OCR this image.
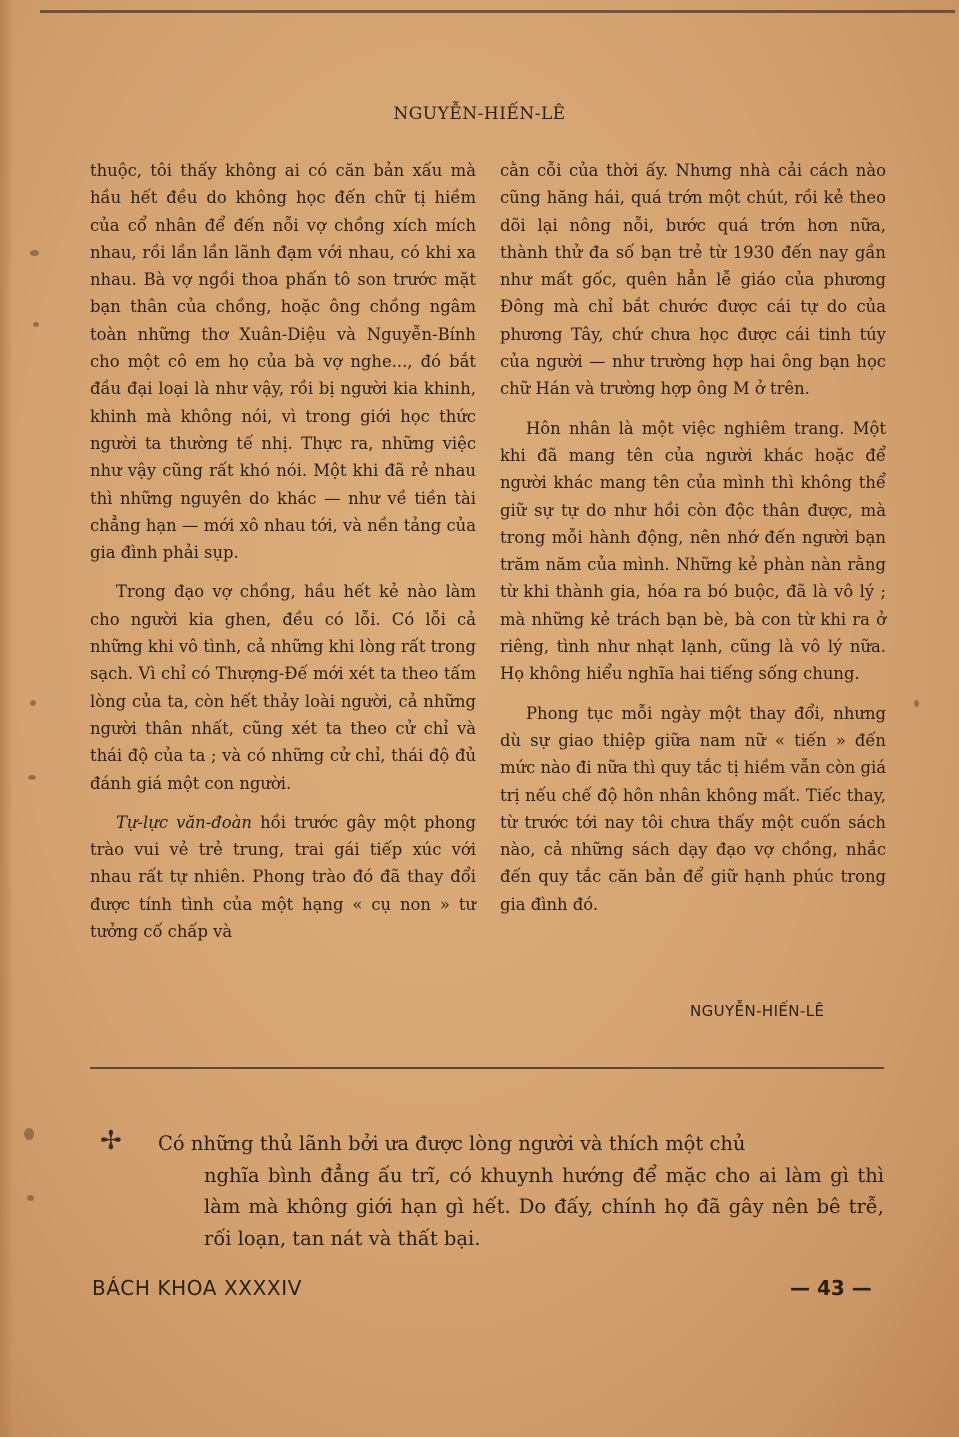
NGUYỄN-HIẾN-LÊ

thuộc, tôi thấy không ai có căn bản xấu mà hầu hết đều do không học đến chữ tị hiềm của cổ nhân để đến nỗi vợ chồng xích mích nhau, rồi lần lần lãnh đạm với nhau, có khi xa nhau. Bà vợ ngồi thoa phấn tô son trước mặt bạn thân của chồng, hoặc ông chồng ngâm toàn những thơ Xuân-Diệu và Nguyễn-Bính cho một cô em họ của bà vợ nghe..., đó bắt đầu đại loại là như vậy, rồi bị người kia khinh, khinh mà không nói, vì trong giới học thức người ta thường tế nhị. Thực ra, những việc như vậy cũng rất khó nói. Một khi đã rẻ nhau thì những nguyên do khác — như về tiền tài chẳng hạn — mới xô nhau tới, và nền tảng của gia đình phải sụp.

Trong đạo vợ chồng, hầu hết kẻ nào làm cho người kia ghen, đều có lỗi. Có lỗi cả những khi vô tình, cả những khi lòng rất trong sạch. Vì chỉ có Thượng-Đế mới xét ta theo tấm lòng của ta, còn hết thảy loài người, cả những người thân nhất, cũng xét ta theo cử chỉ và thái độ của ta ; và có những cử chỉ, thái độ đủ đánh giá một con người.

Tự-lực văn-đoàn hồi trước gây một phong trào vui vẻ trẻ trung, trai gái tiếp xúc với nhau rất tự nhiên. Phong trào đó đã thay đổi được tính tình của một hạng « cụ non » tư tưởng cố chấp và

cằn cỗi của thời ấy. Nhưng nhà cải cách nào cũng hăng hái, quá trớn một chút, rồi kẻ theo dõi lại nông nỗi, bước quá trớn hơn nữa, thành thử đa số bạn trẻ từ 1930 đến nay gần như mất gốc, quên hẳn lễ giáo của phương Đông mà chỉ bắt chước được cái tự do của phương Tây, chứ chưa học được cái tinh túy của người — như trường hợp hai ông bạn học chữ Hán và trường hợp ông M ở trên.

Hôn nhân là một việc nghiêm trang. Một khi đã mang tên của người khác hoặc để người khác mang tên của mình thì không thể giữ sự tự do như hồi còn độc thân được, mà trong mỗi hành động, nên nhớ đến người bạn trăm năm của mình. Những kẻ phàn nàn rằng từ khi thành gia, hóa ra bó buộc, đã là vô lý ; mà những kẻ trách bạn bè, bà con từ khi ra ở riêng, tình như nhạt lạnh, cũng là vô lý nữa. Họ không hiểu nghĩa hai tiếng sống chung.

Phong tục mỗi ngày một thay đổi, nhưng dù sự giao thiệp giữa nam nữ « tiến » đến mức nào đi nữa thì quy tắc tị hiềm vẫn còn giá trị nếu chế độ hôn nhân không mất. Tiếc thay, từ trước tới nay tôi chưa thấy một cuốn sách nào, cả những sách dạy đạo vợ chồng, nhắc đến quy tắc căn bản để giữ hạnh phúc trong gia đình đó.

NGUYỄN-HIẾN-LÊ
✢ Có những thủ lãnh bởi ưa được lòng người và thích một chủ
nghĩa bình đẳng ấu trĩ, có khuynh hướng để mặc cho ai làm gì thì làm mà không giới hạn gì hết. Do đấy, chính họ đã gây nên bê trễ, rối loạn, tan nát và thất bại.
BÁCH KHOA XXXXIV	— 43 —
